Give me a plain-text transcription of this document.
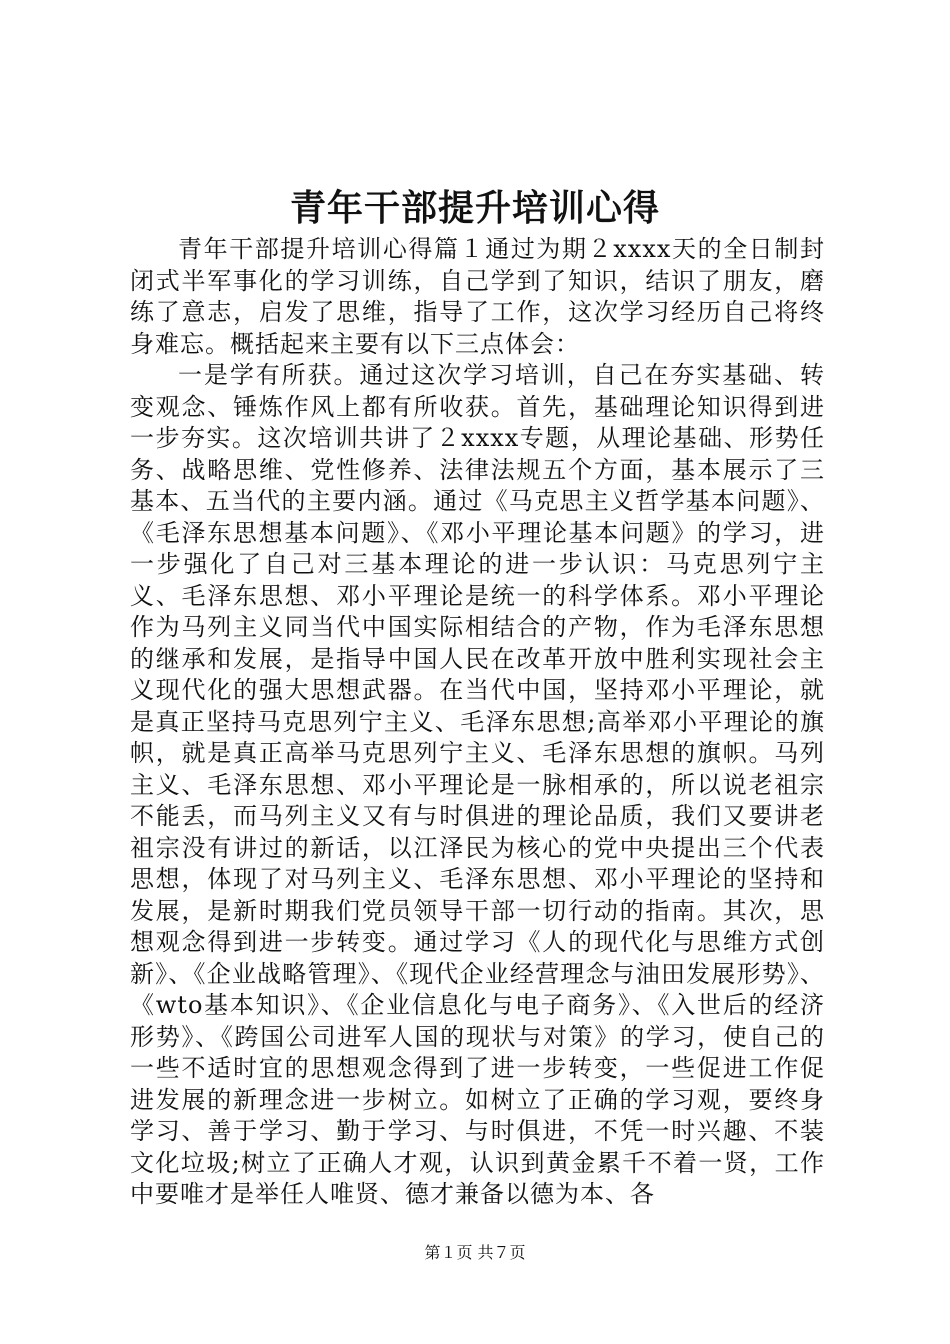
青年干部提升培训心得

青年干部提升培训心得篇１通过为期２xxxx天的全日制封闭式半军事化的学习训练，自己学到了知识，结识了朋友，磨练了意志，启发了思维，指导了工作，这次学习经历自己将终身难忘。概括起来主要有以下三点体会：

一是学有所获。通过这次学习培训，自己在夯实基础、转变观念、锤炼作风上都有所收获。首先，基础理论知识得到进一步夯实。这次培训共讲了２xxxx专题，从理论基础、形势任务、战略思维、党性修养、法律法规五个方面，基本展示了三基本、五当代的主要内涵。通过《马克思主义哲学基本问题》、《毛泽东思想基本问题》、《邓小平理论基本问题》的学习，进一步强化了自己对三基本理论的进一步认识：马克思列宁主义、毛泽东思想、邓小平理论是统一的科学体系。邓小平理论作为马列主义同当代中国实际相结合的产物，作为毛泽东思想的继承和发展，是指导中国人民在改革开放中胜利实现社会主义现代化的强大思想武器。在当代中国，坚持邓小平理论，就是真正坚持马克思列宁主义、毛泽东思想;高举邓小平理论的旗帜，就是真正高举马克思列宁主义、毛泽东思想的旗帜。马列主义、毛泽东思想、邓小平理论是一脉相承的，所以说老祖宗不能丢，而马列主义又有与时俱进的理论品质，我们又要讲老祖宗没有讲过的新话，以江泽民为核心的党中央提出三个代表思想，体现了对马列主义、毛泽东思想、邓小平理论的坚持和发展，是新时期我们党员领导干部一切行动的指南。其次，思想观念得到进一步转变。通过学习《人的现代化与思维方式创新》、《企业战略管理》、《现代企业经营理念与油田发展形势》、《wto基本知识》、《企业信息化与电子商务》、《入世后的经济形势》、《跨国公司进军人国的现状与对策》的学习，使自己的一些不适时宜的思想观念得到了进一步转变，一些促进工作促进发展的新理念进一步树立。如树立了正确的学习观，要终身学习、善于学习、勤于学习、与时俱进，不凭一时兴趣、不装文化垃圾;树立了正确人才观，认识到黄金累千不着一贤，工作中要唯才是举任人唯贤、德才兼备以德为本、各

第１页 共７页
